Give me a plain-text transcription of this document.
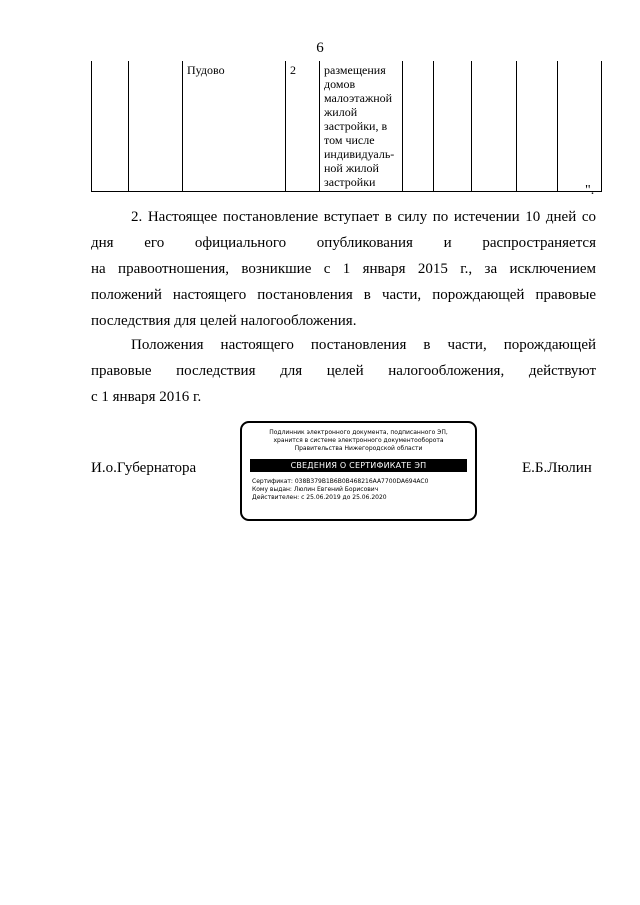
6
		Пудово	2	размещения
домов
малоэтажной
жилой
застройки, в
том числе
индивидуаль-
ной жилой
застройки

".
2. Настоящее постановление вступает в силу по истечении 10 дней со
дня его официального опубликования и распространяется
на правоотношения, возникшие с 1 января 2015 г., за исключением
положений настоящего постановления в части, порождающей правовые
последствия для целей налогообложения.
Положения настоящего постановления в части, порождающей
правовые последствия для целей налогообложения, действуют
с 1 января 2016 г.
И.о.Губернатора	Е.Б.Люлин
Подлинник электронного документа, подписанного ЭП,
хранится в системе электронного документооборота
Правительства Нижегородской области
СВЕДЕНИЯ О СЕРТИФИКАТЕ ЭП
Сертификат: 038B379B1B6B0B468216AA7700DA694AC0
Кому выдан: Люлин Евгений Борисович
Действителен: с 25.06.2019 до 25.06.2020
